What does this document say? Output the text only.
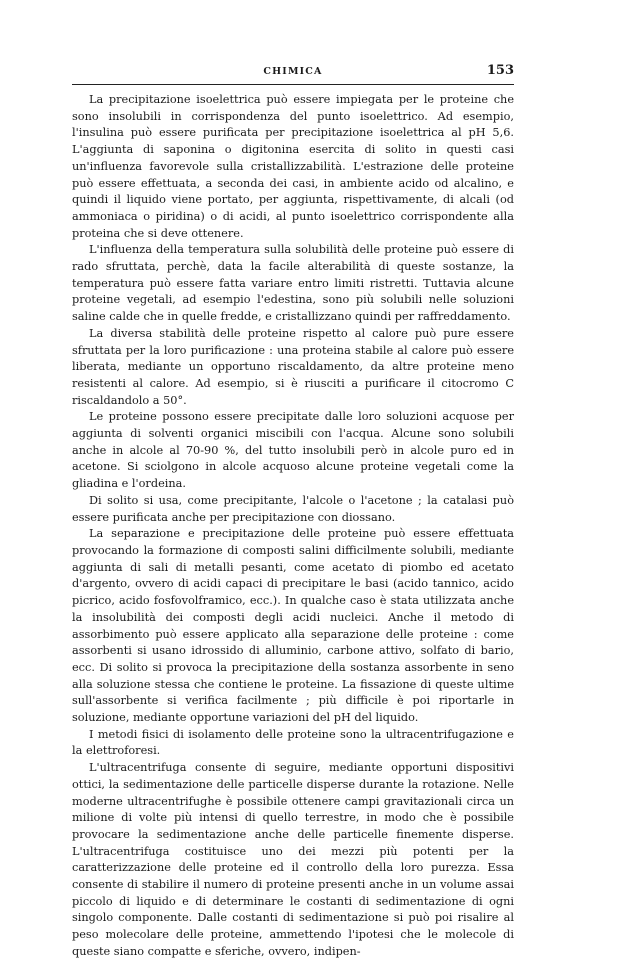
CHIMICA	153

La precipitazione isoelettrica può essere impiegata per le proteine che sono insolubili in corrispondenza del punto isoelettrico. Ad esempio, l'insulina può essere purificata per precipitazione isoelettrica al pH 5,6. L'aggiunta di saponina o digitonina esercita di solito in questi casi un'influenza favorevole sulla cristallizzabilità. L'estrazione delle proteine può essere effettuata, a seconda dei casi, in ambiente acido od alcalino, e quindi il liquido viene portato, per aggiunta, rispettivamente, di alcali (od ammoniaca o piridina) o di acidi, al punto isoelettrico corrispondente alla proteina che si deve ottenere.

L'influenza della temperatura sulla solubilità delle proteine può essere di rado sfruttata, perchè, data la facile alterabilità di queste sostanze, la temperatura può essere fatta variare entro limiti ristretti. Tuttavia alcune proteine vegetali, ad esempio l'edestina, sono più solubili nelle soluzioni saline calde che in quelle fredde, e cristallizzano quindi per raffreddamento.

La diversa stabilità delle proteine rispetto al calore può pure essere sfruttata per la loro purificazione : una proteina stabile al calore può essere liberata, mediante un opportuno riscaldamento, da altre proteine meno resistenti al calore. Ad esempio, si è riusciti a purificare il citocromo C riscaldandolo a 50°.

Le proteine possono essere precipitate dalle loro soluzioni acquose per aggiunta di solventi organici miscibili con l'acqua. Alcune sono solubili anche in alcole al 70-90 %, del tutto insolubili però in alcole puro ed in acetone. Si sciolgono in alcole acquoso alcune proteine vegetali come la gliadina e l'ordeina.

Di solito si usa, come precipitante, l'alcole o l'acetone ; la catalasi può essere purificata anche per precipitazione con diossano.

La separazione e precipitazione delle proteine può essere effettuata provocando la formazione di composti salini difficilmente solubili, mediante aggiunta di sali di metalli pesanti, come acetato di piombo ed acetato d'argento, ovvero di acidi capaci di precipitare le basi (acido tannico, acido picrico, acido fosfovolframico, ecc.). In qualche caso è stata utilizzata anche la insolubilità dei composti degli acidi nucleici. Anche il metodo di assorbimento può essere applicato alla separazione delle proteine : come assorbenti si usano idrossido di alluminio, carbone attivo, solfato di bario, ecc. Di solito si provoca la precipitazione della sostanza assorbente in seno alla soluzione stessa che contiene le proteine. La fissazione di queste ultime sull'assorbente si verifica facilmente ; più difficile è poi riportarle in soluzione, mediante opportune variazioni del pH del liquido.

I metodi fisici di isolamento delle proteine sono la ultracentrifugazione e la elettroforesi.

L'ultracentrifuga consente di seguire, mediante opportuni dispositivi ottici, la sedimentazione delle particelle disperse durante la rotazione. Nelle moderne ultracentrifughe è possibile ottenere campi gravitazionali circa un milione di volte più intensi di quello terrestre, in modo che è possibile provocare la sedimentazione anche delle particelle finemente disperse. L'ultracentrifuga costituisce uno dei mezzi più potenti per la caratterizzazione delle proteine ed il controllo della loro purezza. Essa consente di stabilire il numero di proteine presenti anche in un volume assai piccolo di liquido e di determinare le costanti di sedimentazione di ogni singolo componente. Dalle costanti di sedimentazione si può poi risalire al peso molecolare delle proteine, ammettendo l'ipotesi che le molecole di queste siano compatte e sferiche, ovvero, indipen-
